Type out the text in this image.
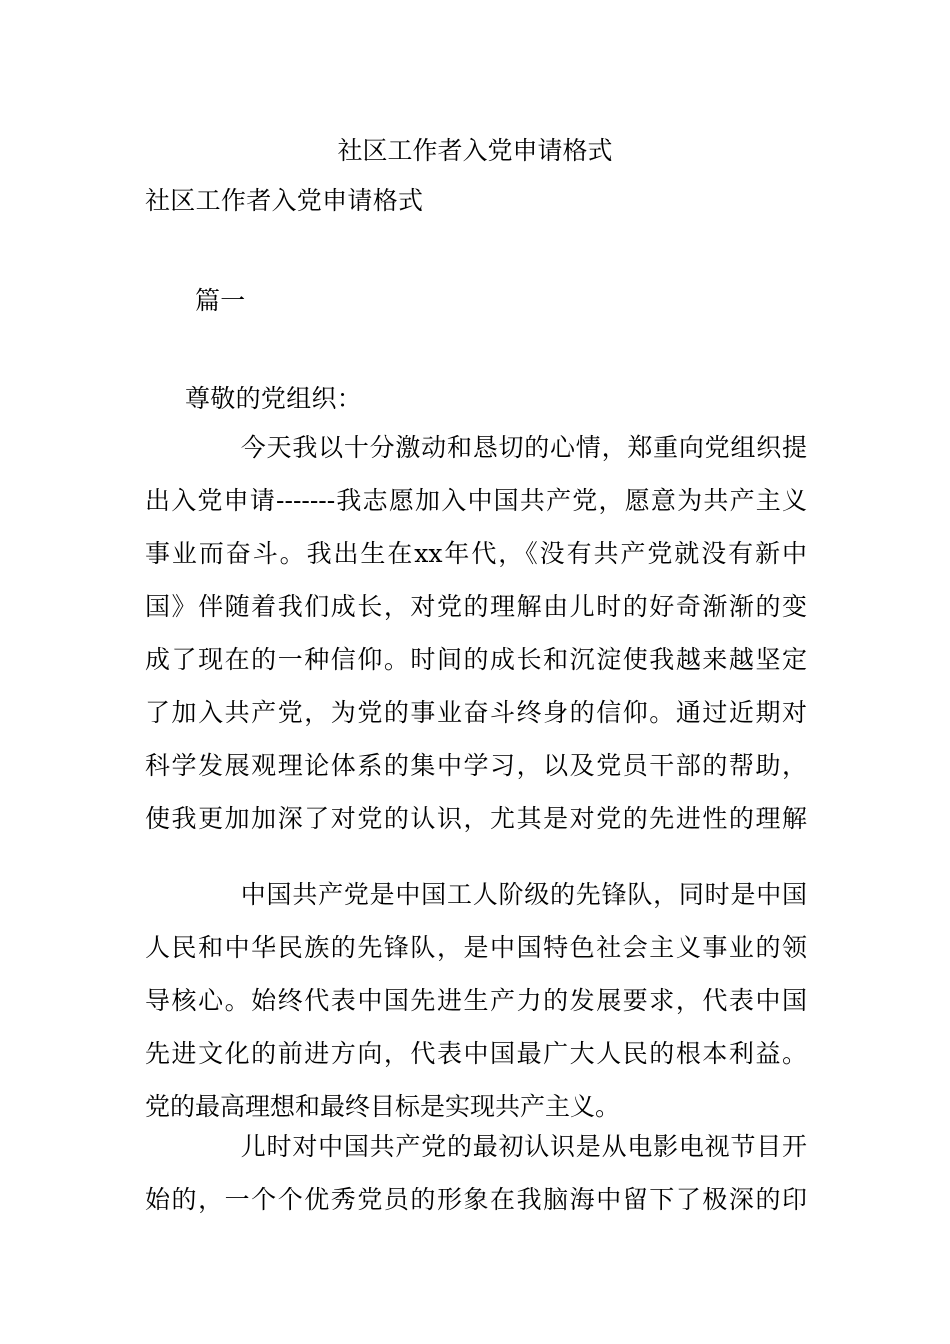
社区工作者入党申请格式
社区工作者入党申请格式
篇一
尊敬的党组织：
今天我以十分激动和恳切的心情，郑重向党组织提
出入党申请-------我志愿加入中国共产党，愿意为共产主义
事业而奋斗。我出生在xx年代，《没有共产党就没有新中
国》伴随着我们成长，对党的理解由儿时的好奇渐渐的变
成了现在的一种信仰。时间的成长和沉淀使我越来越坚定
了加入共产党，为党的事业奋斗终身的信仰。通过近期对
科学发展观理论体系的集中学习，以及党员干部的帮助，
使我更加加深了对党的认识，尤其是对党的先进性的理解
中国共产党是中国工人阶级的先锋队，同时是中国
人民和中华民族的先锋队，是中国特色社会主义事业的领
导核心。始终代表中国先进生产力的发展要求，代表中国
先进文化的前进方向，代表中国最广大人民的根本利益。
党的最高理想和最终目标是实现共产主义。
儿时对中国共产党的最初认识是从电影电视节目开
始的，一个个优秀党员的形象在我脑海中留下了极深的印
